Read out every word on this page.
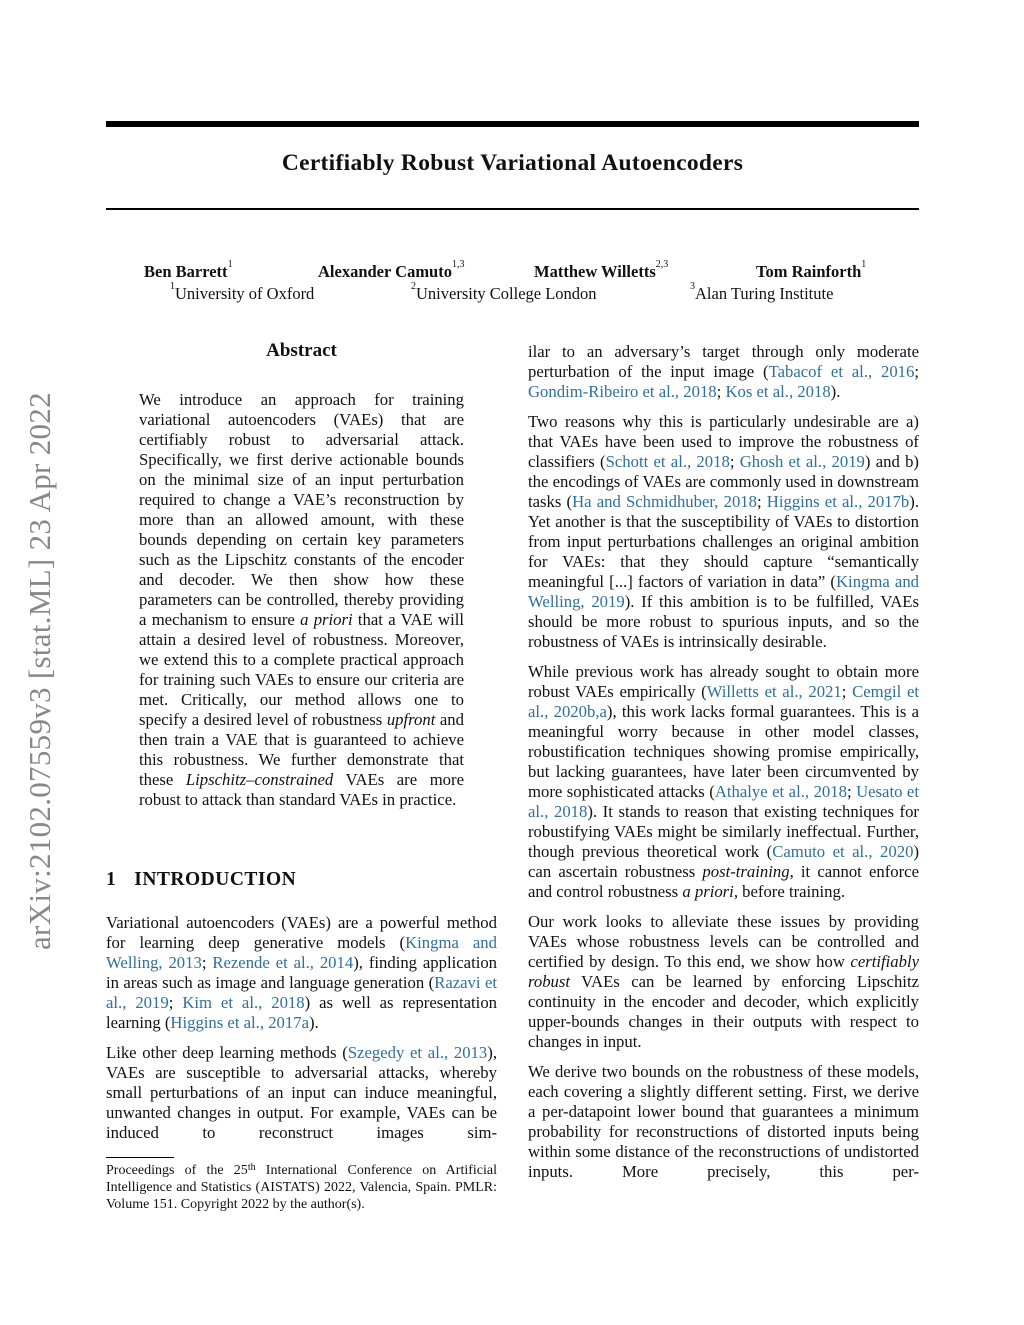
arXiv:2102.07559v3 [stat.ML] 23 Apr 2022
Certifiably Robust Variational Autoencoders
Ben Barrett$^1$	Alexander Camuto$^{1,3}$	Matthew Willetts$^{2,3}$	Tom Rainforth$^1$
$^1$University of Oxford	$^2$University College London	$^3$Alan Turing Institute
Abstract

We introduce an approach for training variational autoencoders (VAEs) that are certifiably robust to adversarial attack. Specifically, we first derive actionable bounds on the minimal size of an input perturbation required to change a VAE’s reconstruction by more than an allowed amount, with these bounds depending on certain key parameters such as the Lipschitz constants of the encoder and decoder. We then show how these parameters can be controlled, thereby providing a mechanism to ensure a priori that a VAE will attain a desired level of robustness. Moreover, we extend this to a complete practical approach for training such VAEs to ensure our criteria are met. Critically, our method allows one to specify a desired level of robustness upfront and then train a VAE that is guaranteed to achieve this robustness. We further demonstrate that these Lipschitz–constrained VAEs are more robust to attack than standard VAEs in practice.

1 INTRODUCTION

Variational autoencoders (VAEs) are a powerful method for learning deep generative models (Kingma and Welling, 2013; Rezende et al., 2014), finding application in areas such as image and language generation (Razavi et al., 2019; Kim et al., 2018) as well as representation learning (Higgins et al., 2017a).

Like other deep learning methods (Szegedy et al., 2013), VAEs are susceptible to adversarial attacks, whereby small perturbations of an input can induce meaningful, unwanted changes in output. For example, VAEs can be induced to reconstruct images sim-

Proceedings of the 25th International Conference on Artificial Intelligence and Statistics (AISTATS) 2022, Valencia, Spain. PMLR: Volume 151. Copyright 2022 by the author(s).

ilar to an adversary’s target through only moderate perturbation of the input image (Tabacof et al., 2016; Gondim-Ribeiro et al., 2018; Kos et al., 2018).

Two reasons why this is particularly undesirable are a) that VAEs have been used to improve the robustness of classifiers (Schott et al., 2018; Ghosh et al., 2019) and b) the encodings of VAEs are commonly used in downstream tasks (Ha and Schmidhuber, 2018; Higgins et al., 2017b). Yet another is that the susceptibility of VAEs to distortion from input perturbations challenges an original ambition for VAEs: that they should capture “semantically meaningful [...] factors of variation in data” (Kingma and Welling, 2019). If this ambition is to be fulfilled, VAEs should be more robust to spurious inputs, and so the robustness of VAEs is intrinsically desirable.

While previous work has already sought to obtain more robust VAEs empirically (Willetts et al., 2021; Cemgil et al., 2020b,a), this work lacks formal guarantees. This is a meaningful worry because in other model classes, robustification techniques showing promise empirically, but lacking guarantees, have later been circumvented by more sophisticated attacks (Athalye et al., 2018; Uesato et al., 2018). It stands to reason that existing techniques for robustifying VAEs might be similarly ineffectual. Further, though previous theoretical work (Camuto et al., 2020) can ascertain robustness post-training, it cannot enforce and control robustness a priori, before training.

Our work looks to alleviate these issues by providing VAEs whose robustness levels can be controlled and certified by design. To this end, we show how certifiably robust VAEs can be learned by enforcing Lipschitz continuity in the encoder and decoder, which explicitly upper-bounds changes in their outputs with respect to changes in input.

We derive two bounds on the robustness of these models, each covering a slightly different setting. First, we derive a per-datapoint lower bound that guarantees a minimum probability for reconstructions of distorted inputs being within some distance of the reconstructions of undistorted inputs. More precisely, this per-
